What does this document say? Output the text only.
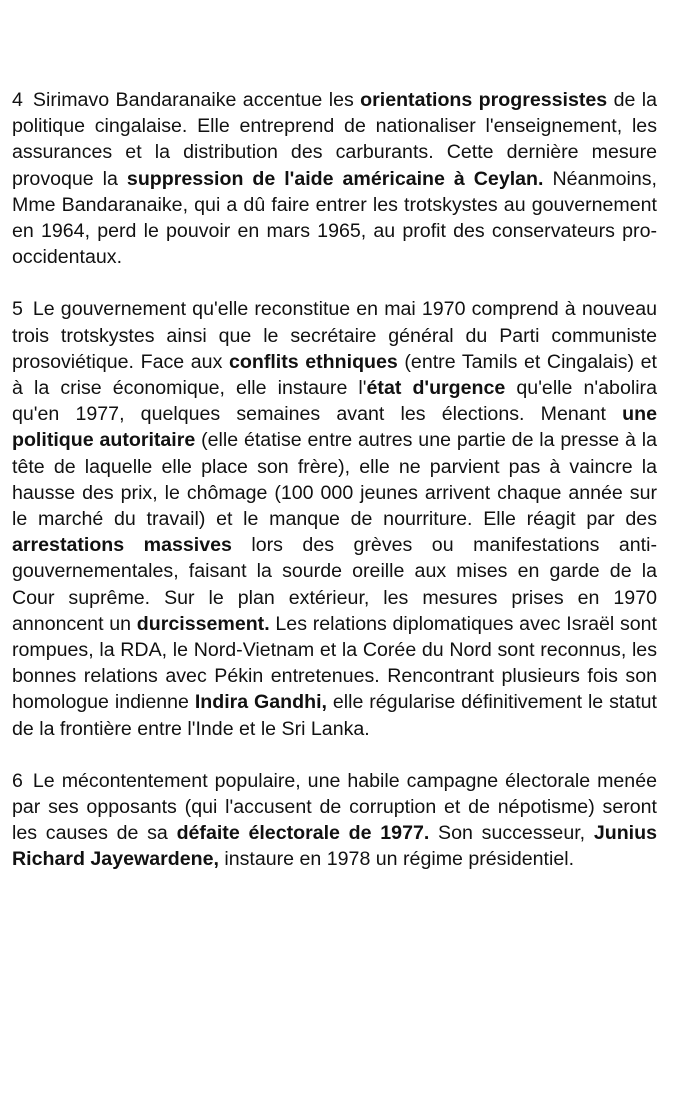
4 Sirimavo Bandaranaike accentue les orientations progressistes de la politique cingalaise. Elle entreprend de nationaliser l'enseignement, les assurances et la distribution des carburants. Cette dernière mesure provoque la suppression de l'aide américaine à Ceylan. Néanmoins, Mme Bandaranaike, qui a dû faire entrer les trotskystes au gouvernement en 1964, perd le pouvoir en mars 1965, au profit des conservateurs pro-occidentaux.

5 Le gouvernement qu'elle reconstitue en mai 1970 comprend à nouveau trois trotskystes ainsi que le secrétaire général du Parti communiste prosoviétique. Face aux conflits ethniques (entre Tamils et Cingalais) et à la crise économique, elle instaure l'état d'urgence qu'elle n'abolira qu'en 1977, quelques semaines avant les élections. Menant une politique autoritaire (elle étatise entre autres une partie de la presse à la tête de laquelle elle place son frère), elle ne parvient pas à vaincre la hausse des prix, le chômage (100 000 jeunes arrivent chaque année sur le marché du travail) et le manque de nourriture. Elle réagit par des arrestations massives lors des grèves ou manifestations anti-gouvernementales, faisant la sourde oreille aux mises en garde de la Cour suprême. Sur le plan extérieur, les mesures prises en 1970 annoncent un durcissement. Les relations diplomatiques avec Israël sont rompues, la RDA, le Nord-Vietnam et la Corée du Nord sont reconnus, les bonnes relations avec Pékin entretenues. Rencontrant plusieurs fois son homologue indienne Indira Gandhi, elle régularise définitivement le statut de la frontière entre l'Inde et le Sri Lanka.

6 Le mécontentement populaire, une habile campagne électorale menée par ses opposants (qui l'accusent de corruption et de népotisme) seront les causes de sa défaite électorale de 1977. Son successeur, Junius Richard Jayewardene, instaure en 1978 un régime présidentiel.
